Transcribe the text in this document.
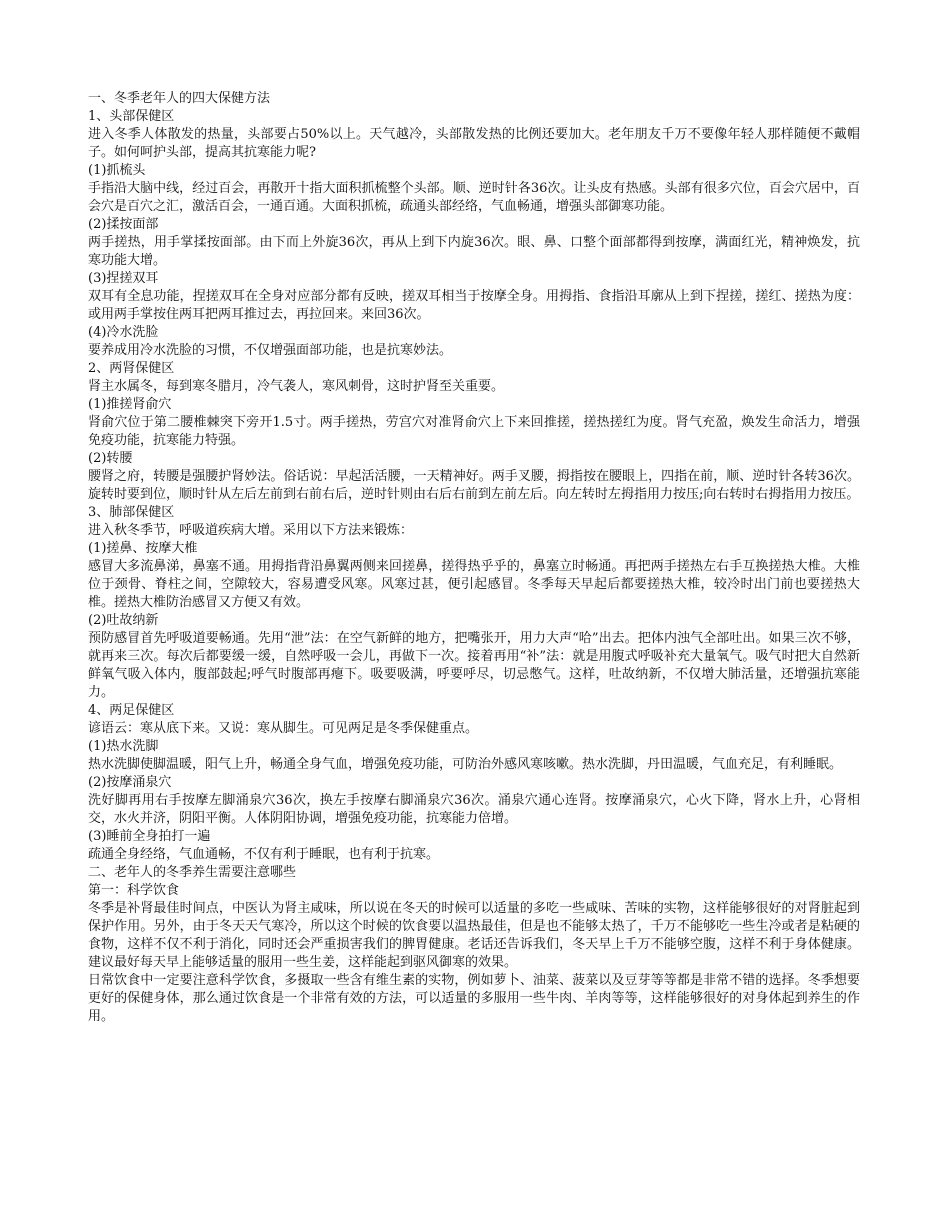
一、冬季老年人的四大保健方法

1、头部保健区

进入冬季人体散发的热量，头部要占50%以上。天气越冷，头部散发热的比例还要加大。老年朋友千万不要像年轻人那样随便不戴帽子。如何呵护头部，提高其抗寒能力呢?

(1)抓梳头

手指沿大脑中线，经过百会，再散开十指大面积抓梳整个头部。顺、逆时针各36次。让头皮有热感。头部有很多穴位，百会穴居中，百会穴是百穴之汇，激活百会，一通百通。大面积抓梳，疏通头部经络，气血畅通，增强头部御寒功能。

(2)揉按面部

两手搓热，用手掌揉按面部。由下而上外旋36次，再从上到下内旋36次。眼、鼻、口整个面部都得到按摩，满面红光，精神焕发，抗寒功能大增。

(3)捏搓双耳

双耳有全息功能，捏搓双耳在全身对应部分都有反映，搓双耳相当于按摩全身。用拇指、食指沿耳廓从上到下捏搓，搓红、搓热为度：或用两手掌按住两耳把两耳推过去，再拉回来。来回36次。

(4)冷水洗脸

要养成用冷水洗脸的习惯，不仅增强面部功能，也是抗寒妙法。

2、两肾保健区

肾主水属冬，每到寒冬腊月，冷气袭人，寒风刺骨，这时护肾至关重要。

(1)推搓肾俞穴

肾俞穴位于第二腰椎棘突下旁开1.5寸。两手搓热，劳宫穴对准肾俞穴上下来回推搓，搓热搓红为度。肾气充盈，焕发生命活力，增强免疫功能，抗寒能力特强。

(2)转腰

腰肾之府，转腰是强腰护肾妙法。俗话说：早起活活腰，一天精神好。两手叉腰，拇指按在腰眼上，四指在前，顺、逆时针各转36次。旋转时要到位，顺时针从左后左前到右前右后，逆时针则由右后右前到左前左后。向左转时左拇指用力按压;向右转时右拇指用力按压。

3、肺部保健区

进入秋冬季节，呼吸道疾病大增。采用以下方法来锻炼：

(1)搓鼻、按摩大椎

感冒大多流鼻涕，鼻塞不通。用拇指背沿鼻翼两侧来回搓鼻，搓得热乎乎的，鼻塞立时畅通。再把两手搓热左右手互换搓热大椎。大椎位于颈骨、脊柱之间，空隙较大，容易遭受风寒。风寒过甚，便引起感冒。冬季每天早起后都要搓热大椎，较冷时出门前也要搓热大椎。搓热大椎防治感冒又方便又有效。

(2)吐故纳新

预防感冒首先呼吸道要畅通。先用“泄”法：在空气新鲜的地方，把嘴张开，用力大声“哈”出去。把体内浊气全部吐出。如果三次不够，就再来三次。每次后都要缓一缓，自然呼吸一会儿，再做下一次。接着再用“补”法：就是用腹式呼吸补充大量氧气。吸气时把大自然新鲜氧气吸入体内，腹部鼓起;呼气时腹部再瘪下。吸要吸满，呼要呼尽，切忌憋气。这样，吐故纳新，不仅增大肺活量，还增强抗寒能力。

4、两足保健区

谚语云：寒从底下来。又说：寒从脚生。可见两足是冬季保健重点。

(1)热水洗脚

热水洗脚使脚温暖，阳气上升，畅通全身气血，增强免疫功能，可防治外感风寒咳嗽。热水洗脚，丹田温暖，气血充足，有利睡眠。

(2)按摩涌泉穴

洗好脚再用右手按摩左脚涌泉穴36次，换左手按摩右脚涌泉穴36次。涌泉穴通心连肾。按摩涌泉穴，心火下降，肾水上升，心肾相交，水火并济，阴阳平衡。人体阴阳协调，增强免疫功能，抗寒能力倍增。

(3)睡前全身拍打一遍

疏通全身经络，气血通畅，不仅有利于睡眠，也有利于抗寒。

二、老年人的冬季养生需要注意哪些

第一：科学饮食

冬季是补肾最佳时间点，中医认为肾主咸味，所以说在冬天的时候可以适量的多吃一些咸味、苦味的实物，这样能够很好的对肾脏起到保护作用。另外，由于冬天天气寒冷，所以这个时候的饮食要以温热最佳，但是也不能够太热了，千万不能够吃一些生冷或者是粘硬的食物，这样不仅不利于消化，同时还会严重损害我们的脾胃健康。老话还告诉我们，冬天早上千万不能够空腹，这样不利于身体健康。建议最好每天早上能够适量的服用一些生姜，这样能起到驱风御寒的效果。

日常饮食中一定要注意科学饮食，多摄取一些含有维生素的实物，例如萝卜、油菜、菠菜以及豆芽等等都是非常不错的选择。冬季想要更好的保健身体，那么通过饮食是一个非常有效的方法，可以适量的多服用一些牛肉、羊肉等等，这样能够很好的对身体起到养生的作用。
